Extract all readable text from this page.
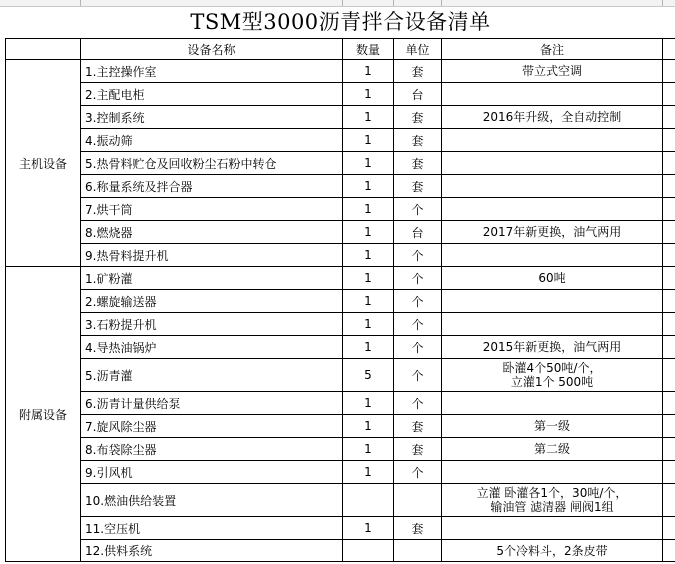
TSM型3000沥青拌合设备清单
	设备名称	数量	单位	备注	
主机设备	1.主控操作室	1	套	带立式空调	

	2.主配电柜	1	台		
	3.控制系统	1	套	2016年升级，全自动控制	

	4.振动筛	1	套		
	5.热骨料贮仓及回收粉尘石粉中转仓	1	套		
	6.称量系统及拌合器	1	套		
	7.烘干筒	1	个		
	8.燃烧器	1	台	2017年新更换，油气两用	

	9.热骨料提升机	1	个		
附属设备	1.矿粉灌	1	个	60吨	

	2.螺旋输送器	1	个		
	3.石粉提升机	1	个		
	4.导热油锅炉	1	个	2015年新更换，油气两用	

	5.沥青灌	5	个	卧灌4个50吨/个，
立灌1个 500吨	

	6.沥青计量供给泵	1	个		
	7.旋风除尘器	1	套	第一级	

	8.布袋除尘器	1	套	第二级	

	9.引风机	1	个		
	10.燃油供给装置			立灌 卧灌各1个，30吨/个，
输油管 滤清器 闸阀1组	

	11.空压机	1	套		
	12.供料系统			5个冷料斗，2条皮带	
